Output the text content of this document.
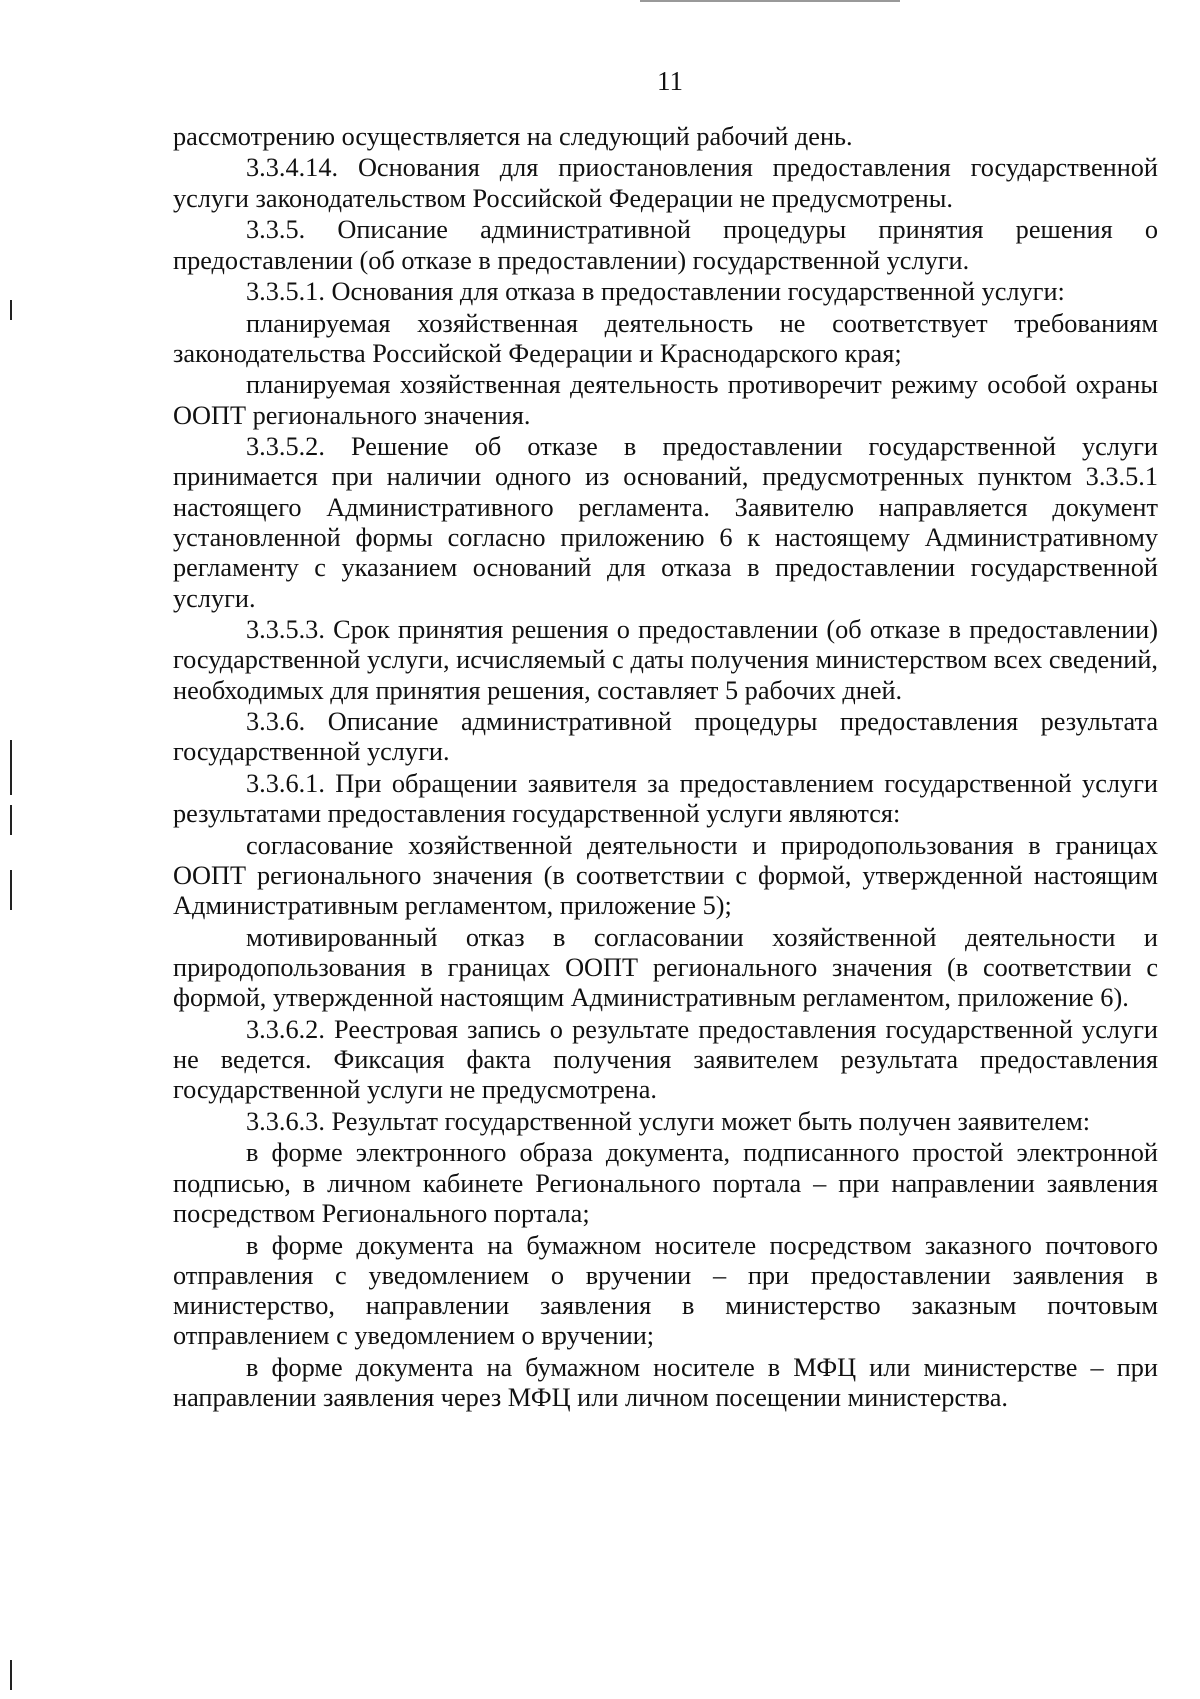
11

рассмотрению осуществляется на следующий рабочий день.

3.3.4.14. Основания для приостановления предоставления государственной услуги законодательством Российской Федерации не предусмотрены.

3.3.5. Описание административной процедуры принятия решения о предоставлении (об отказе в предоставлении) государственной услуги.

3.3.5.1. Основания для отказа в предоставлении государственной услуги:

планируемая хозяйственная деятельность не соответствует требованиям законодательства Российской Федерации и Краснодарского края;

планируемая хозяйственная деятельность противоречит режиму особой охраны ООПТ регионального значения.

3.3.5.2. Решение об отказе в предоставлении государственной услуги принимается при наличии одного из оснований, предусмотренных пунктом 3.3.5.1 настоящего Административного регламента. Заявителю направляется документ установленной формы согласно приложению 6 к настоящему Административному регламенту с указанием оснований для отказа в предоставлении государственной услуги.

3.3.5.3. Срок принятия решения о предоставлении (об отказе в предоставлении) государственной услуги, исчисляемый с даты получения министерством всех сведений, необходимых для принятия решения, составляет 5 рабочих дней.

3.3.6. Описание административной процедуры предоставления результата государственной услуги.

3.3.6.1. При обращении заявителя за предоставлением государственной услуги результатами предоставления государственной услуги являются:

согласование хозяйственной деятельности и природопользования в границах ООПТ регионального значения (в соответствии с формой, утвержденной настоящим Административным регламентом, приложение 5);

мотивированный отказ в согласовании хозяйственной деятельности и природопользования в границах ООПТ регионального значения (в соответствии с формой, утвержденной настоящим Административным регламентом, приложение 6).

3.3.6.2. Реестровая запись о результате предоставления государственной услуги не ведется. Фиксация факта получения заявителем результата предоставления государственной услуги не предусмотрена.

3.3.6.3. Результат государственной услуги может быть получен заявителем:

в форме электронного образа документа, подписанного простой электронной подписью, в личном кабинете Регионального портала – при направлении заявления посредством Регионального портала;

в форме документа на бумажном носителе посредством заказного почтового отправления с уведомлением о вручении – при предоставлении заявления в министерство, направлении заявления в министерство заказным почтовым отправлением с уведомлением о вручении;

в форме документа на бумажном носителе в МФЦ или министерстве – при направлении заявления через МФЦ или личном посещении министерства.
